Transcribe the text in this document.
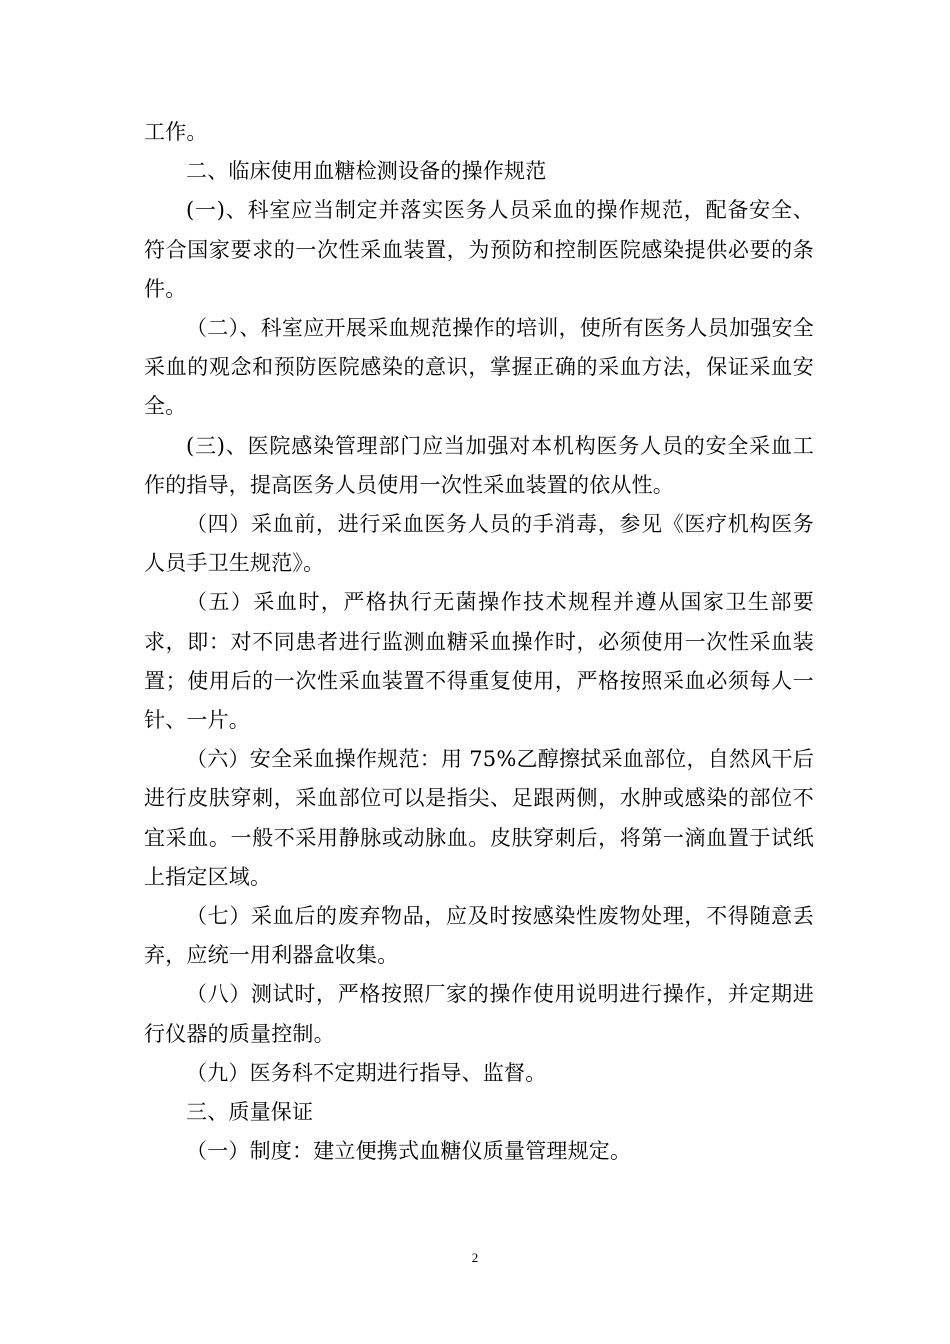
工作。

二、临床使用血糖检测设备的操作规范

(一)、科室应当制定并落实医务人员采血的操作规范，配备安全、符合国家要求的一次性采血装置，为预防和控制医院感染提供必要的条件。

（二）、科室应开展采血规范操作的培训，使所有医务人员加强安全采血的观念和预防医院感染的意识，掌握正确的采血方法，保证采血安全。

(三)、医院感染管理部门应当加强对本机构医务人员的安全采血工作的指导，提高医务人员使用一次性采血装置的依从性。

（四）采血前，进行采血医务人员的手消毒，参见《医疗机构医务人员手卫生规范》。

（五）采血时，严格执行无菌操作技术规程并遵从国家卫生部要求，即：对不同患者进行监测血糖采血操作时，必须使用一次性采血装置；使用后的一次性采血装置不得重复使用，严格按照采血必须每人一针、一片。

（六）安全采血操作规范：用 75%乙醇擦拭采血部位，自然风干后进行皮肤穿刺，采血部位可以是指尖、足跟两侧，水肿或感染的部位不宜采血。一般不采用静脉或动脉血。皮肤穿刺后，将第一滴血置于试纸上指定区域。

（七）采血后的废弃物品，应及时按感染性废物处理，不得随意丢弃，应统一用利器盒收集。

（八）测试时，严格按照厂家的操作使用说明进行操作，并定期进行仪器的质量控制。

（九）医务科不定期进行指导、监督。

三、质量保证

（一）制度：建立便携式血糖仪质量管理规定。

2
